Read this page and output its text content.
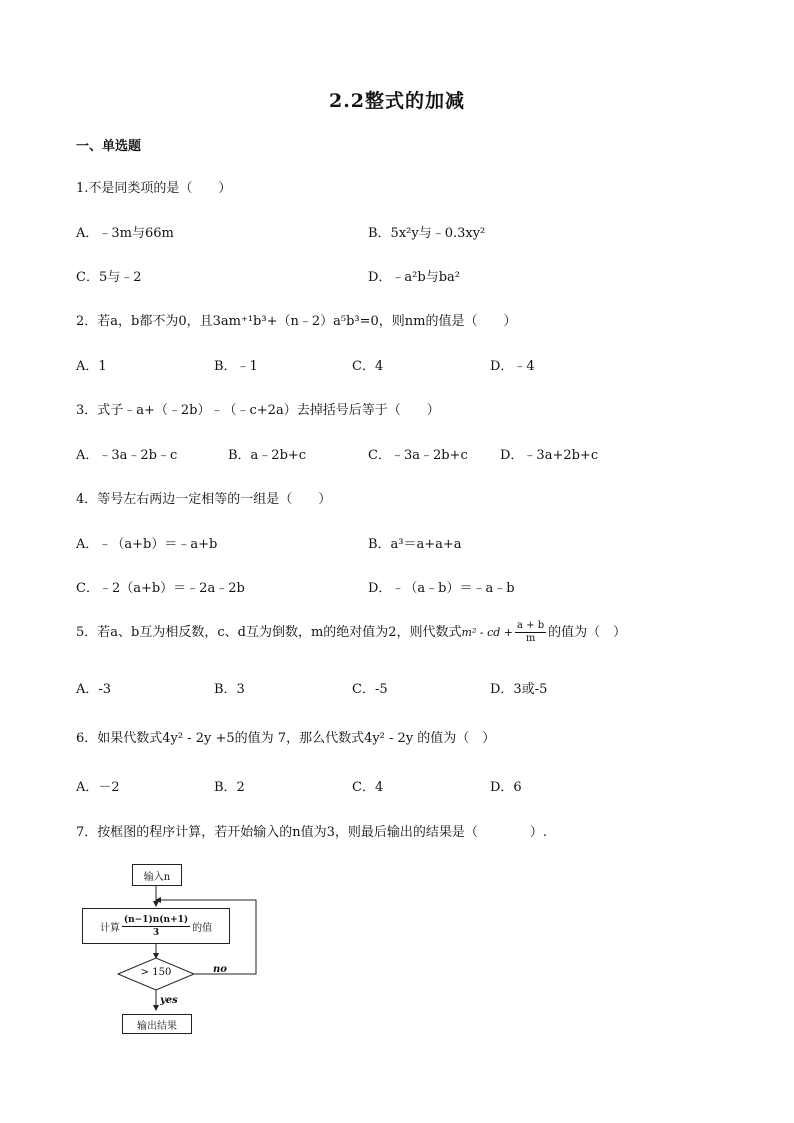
2.2整式的加减
一、单选题
1.不是同类项的是（　　）
A．﹣3m与66m	B．5x²y与﹣0.3xy²
C．5与﹣2	D．﹣a²b与ba²
2．若a，b都不为0，且3am⁺¹b³+（n﹣2）a⁵b³=0，则nm的值是（　　）
A．1	B．﹣1	C．4	D．﹣4
3．式子﹣a+（﹣2b）﹣（﹣c+2a）去掉括号后等于（　　）
A．﹣3a﹣2b﹣c	B．a﹣2b+c	C．﹣3a﹣2b+c D．﹣3a+2b+c
4．等号左右两边一定相等的一组是（　　）
A．﹣（a+b）＝﹣a+b	B．a³＝a+a+a
C．﹣2（a+b）＝﹣2a﹣2b	D．﹣（a﹣b）＝﹣a﹣b
5．若a、b互为相反数，c、d互为倒数，m的绝对值为2，则代数式m² - cd + $\frac{a + b}{m}$ 的值为（　）
A．-3	B．3	C．-5	D．3或-5
6．如果代数式4y² - 2y +5的值为 7，那么代数式4y² - 2y 的值为（　）
A．－2	B．2	C．4	D．6
7．按框图的程序计算，若开始输入的n值为3，则最后输出的结果是（　　　　）.
输入n
计算 $\frac{(n-1)n(n+1)}{3}$ 的值
> 150	no
yes
输出结果
